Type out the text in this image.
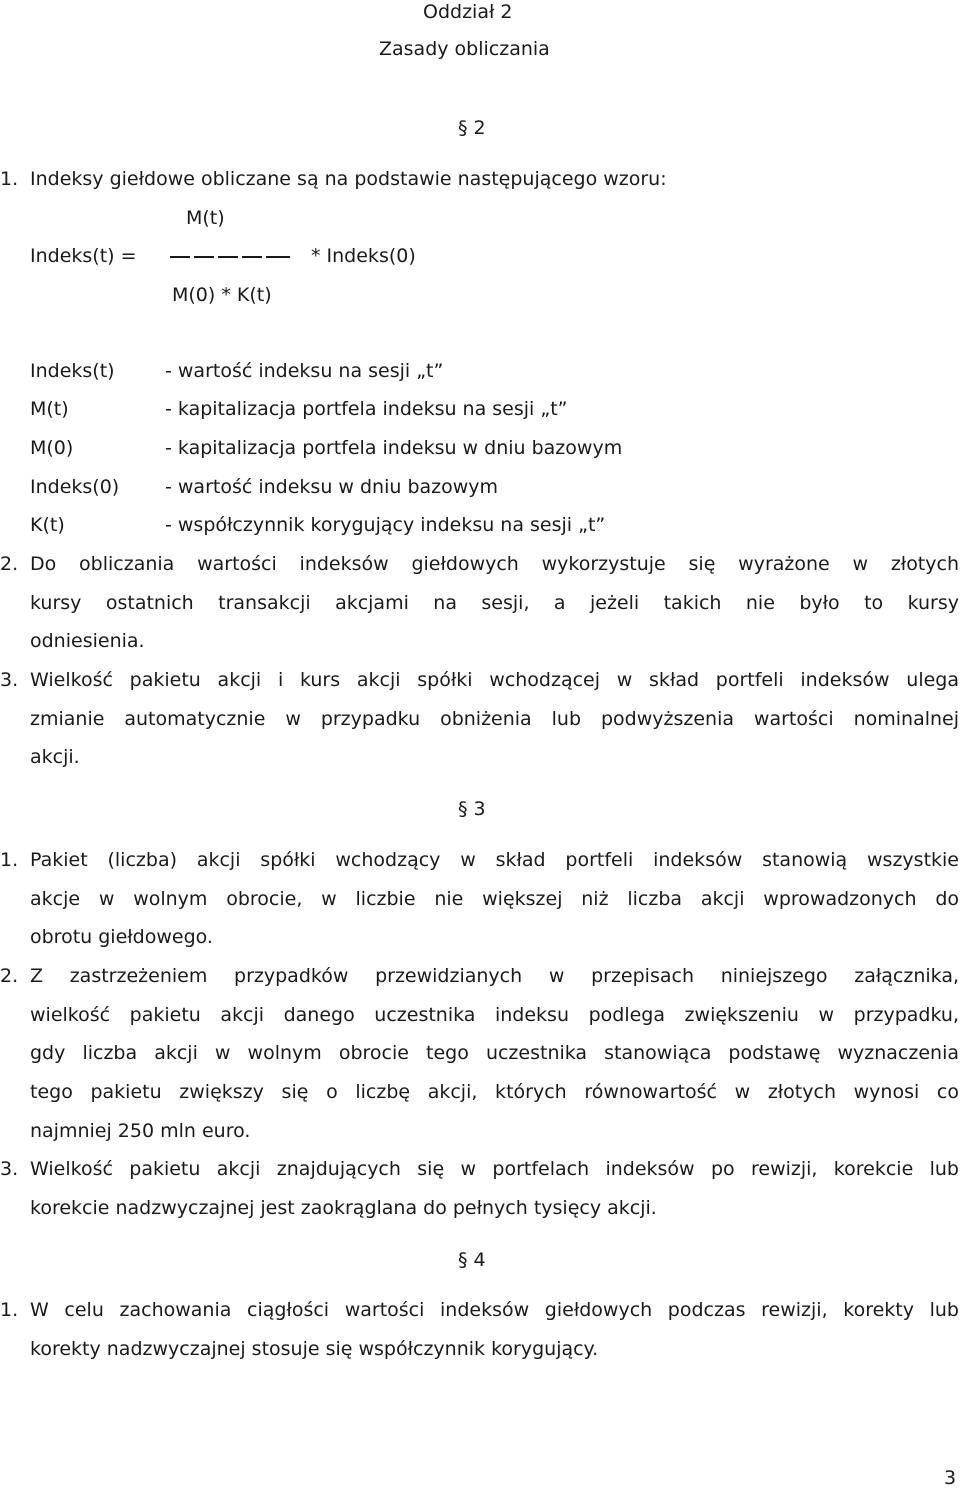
Oddział 2
Zasady obliczania
§ 2
1. Indeksy giełdowe obliczane są na podstawie następującego wzoru:
M(t)
Indeks(t) =	* Indeks(0)
M(0) * K(t)
Indeks(t)	- wartość indeksu na sesji „t”
M(t)	- kapitalizacja portfela indeksu na sesji „t”
M(0)	- kapitalizacja portfela indeksu w dniu bazowym
Indeks(0) - wartość indeksu w dniu bazowym
K(t)	- współczynnik korygujący indeksu na sesji „t”
2. Do obliczania wartości indeksów giełdowych wykorzystuje się wyrażone w złotych
kursy ostatnich transakcji akcjami na sesji, a jeżeli takich nie było to kursy
odniesienia.
3. Wielkość pakietu akcji i kurs akcji spółki wchodzącej w skład portfeli indeksów ulega
zmianie automatycznie w przypadku obniżenia lub podwyższenia wartości nominalnej
akcji.
§ 3
1. Pakiet (liczba) akcji spółki wchodzący w skład portfeli indeksów stanowią wszystkie
akcje w wolnym obrocie, w liczbie nie większej niż liczba akcji wprowadzonych do
obrotu giełdowego.
2. Z zastrzeżeniem przypadków przewidzianych w przepisach niniejszego załącznika,
wielkość pakietu akcji danego uczestnika indeksu podlega zwiększeniu w przypadku,
gdy liczba akcji w wolnym obrocie tego uczestnika stanowiąca podstawę wyznaczenia
tego pakietu zwiększy się o liczbę akcji, których równowartość w złotych wynosi co
najmniej 250 mln euro.
3. Wielkość pakietu akcji znajdujących się w portfelach indeksów po rewizji, korekcie lub
korekcie nadzwyczajnej jest zaokrąglana do pełnych tysięcy akcji.
§ 4
1. W celu zachowania ciągłości wartości indeksów giełdowych podczas rewizji, korekty lub
korekty nadzwyczajnej stosuje się współczynnik korygujący.
3
